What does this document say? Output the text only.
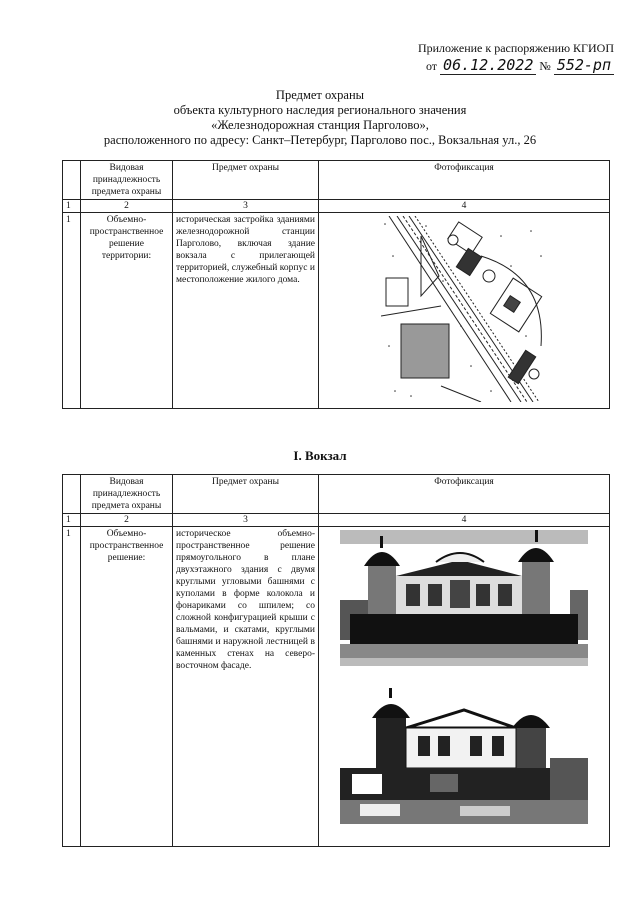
Приложение к распоряжению КГИОП
от 06.12.2022 № 552-рп
Предмет охраны
объекта культурного наследия регионального значения
«Железнодорожная станция Парголово»,
расположенного по адресу: Санкт–Петербург, Парголово пос., Вокзальная ул., 26
	Видовая принадлежность предмета охраны	Предмет охраны	Фотофиксация
1	2	3	4
1	Объемно-пространственное решение территории:	историческая застройка зданиями железнодорожной станции Парголово, включая здание вокзала с прилегающей территорией, служебный корпус и местоположение жилого дома.	
I. Вокзал
	Видовая принадлежность предмета охраны	Предмет охраны	Фотофиксация
1	2	3	4
1	Объемно-пространственное решение:	историческое объемно-пространственное решение прямоугольного в плане двухэтажного здания с двумя круглыми угловыми башнями с куполами в форме колокола и фонариками со шпилем; со сложной конфигурацией крыши с вальмами, и скатами, круглыми башнями и наружной лестницей в каменных стенах на северо-восточном фасаде.	
